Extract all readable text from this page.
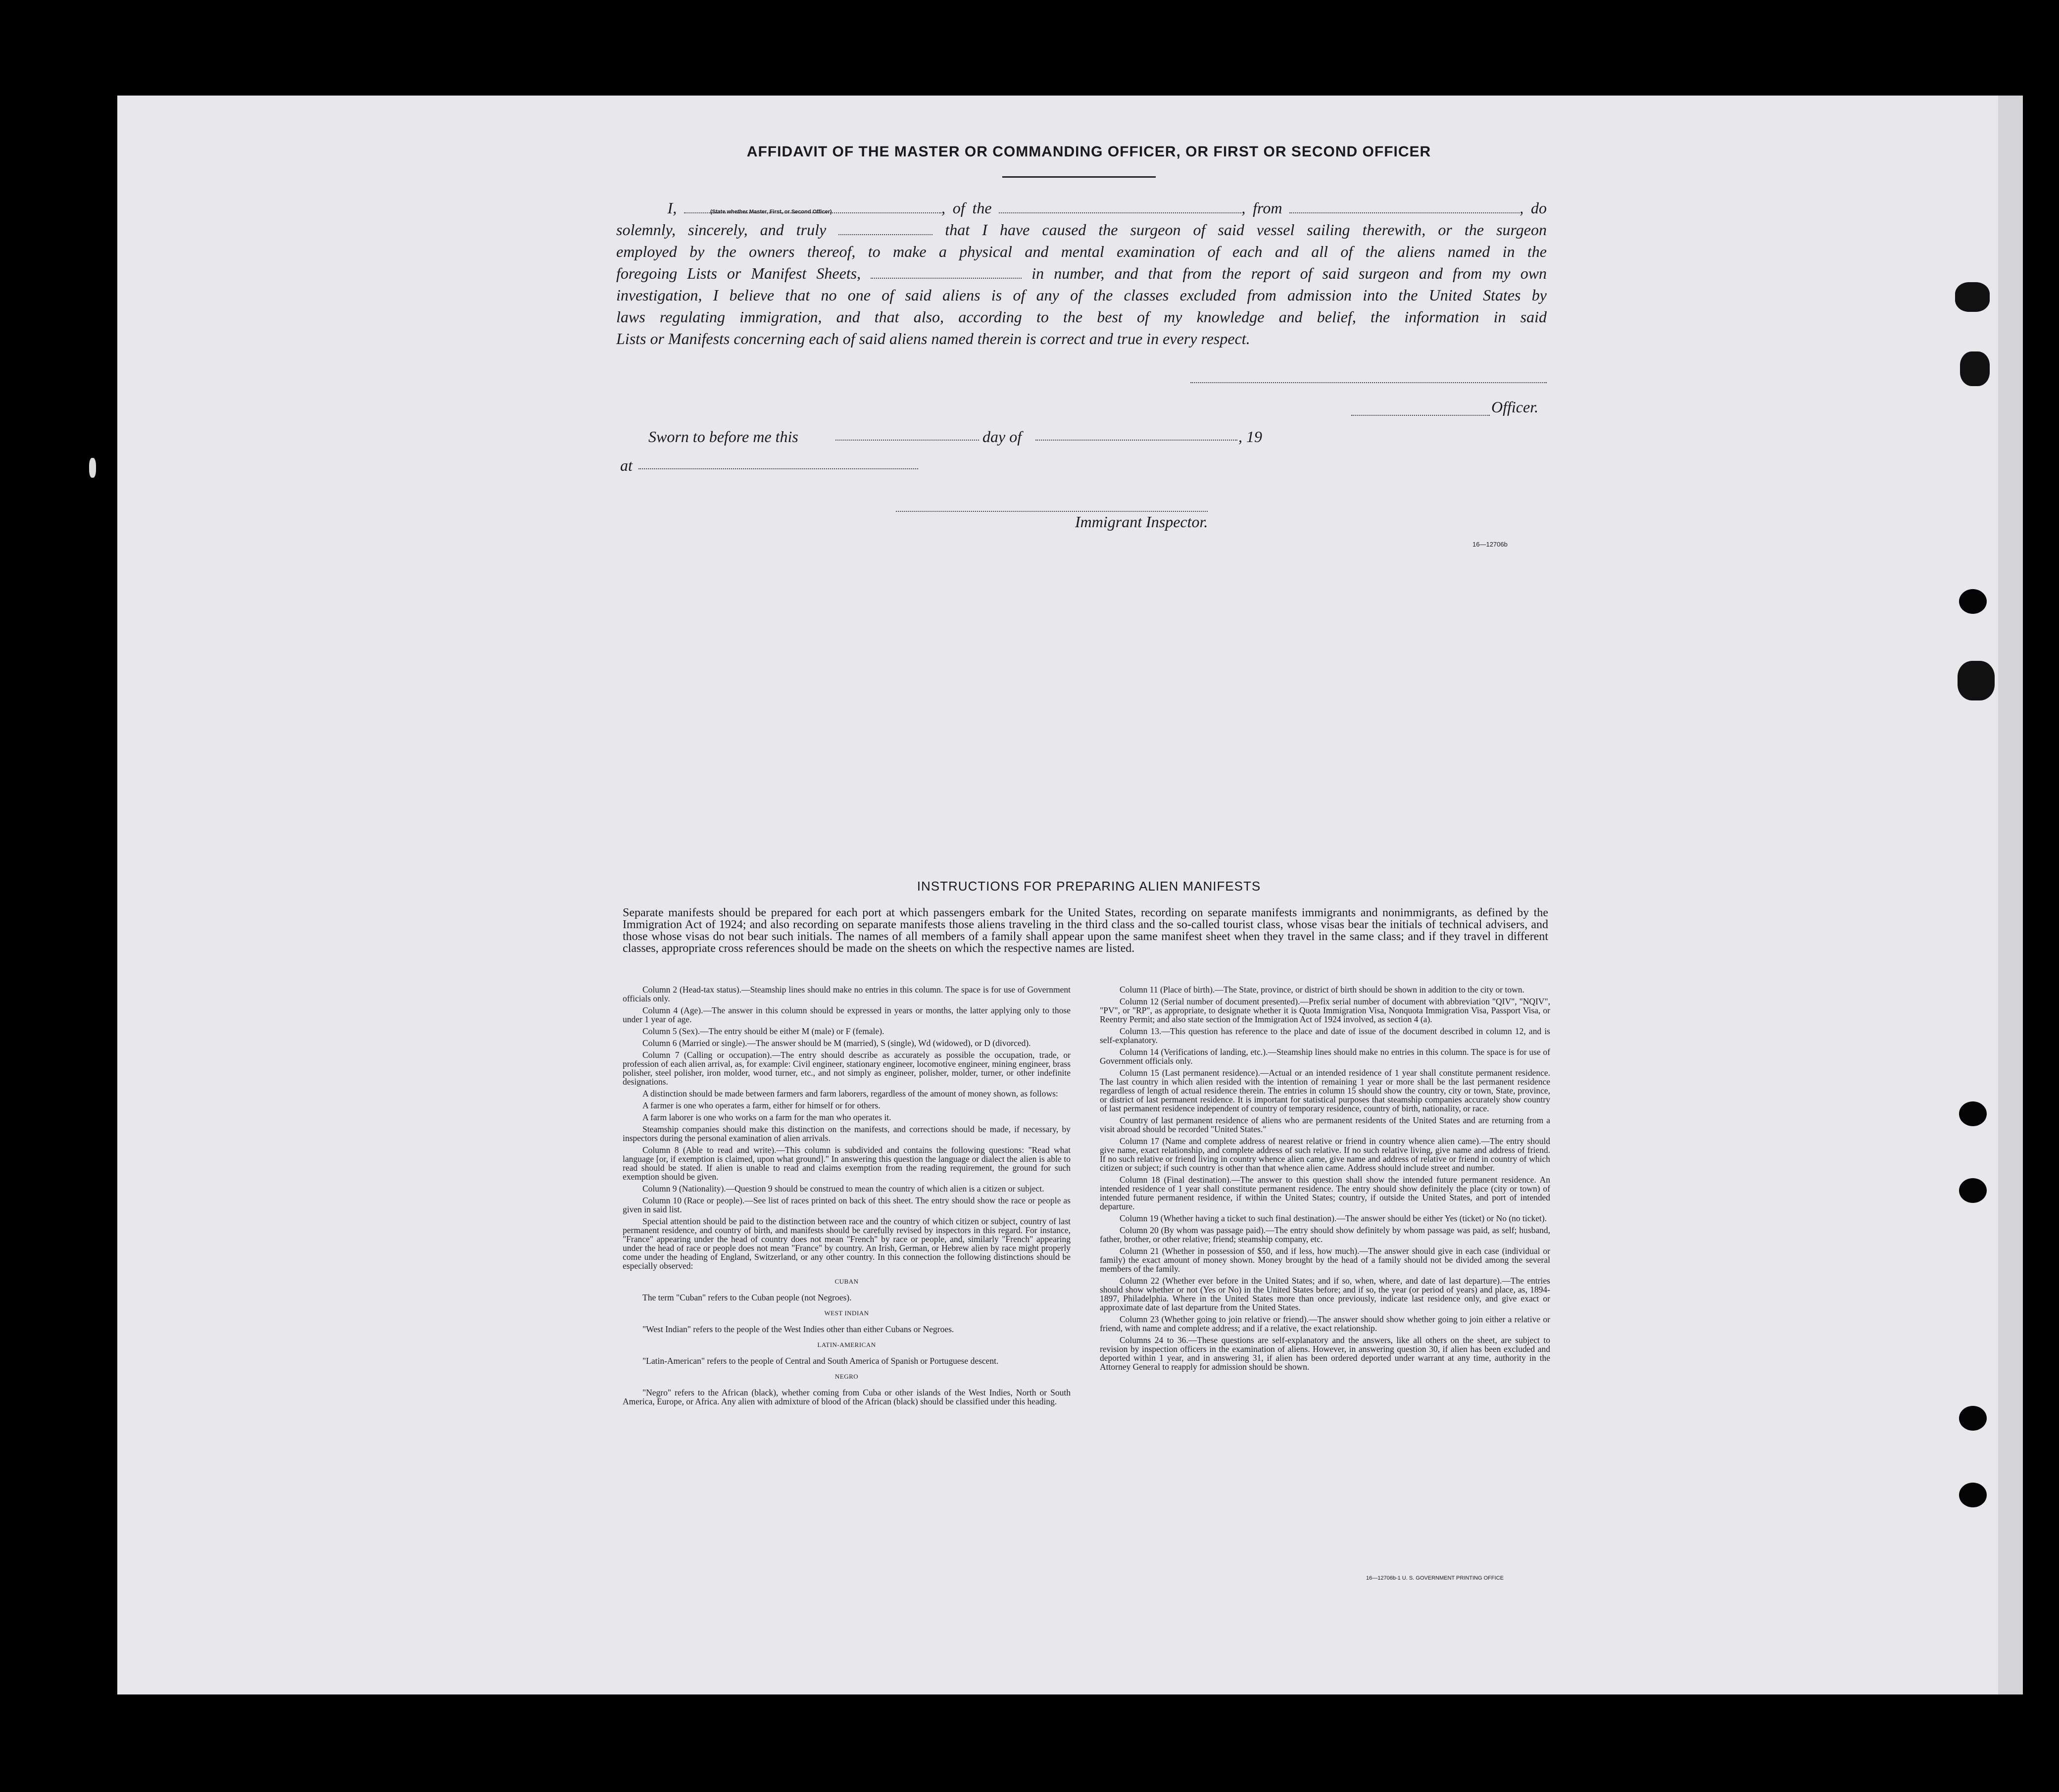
AFFIDAVIT OF THE MASTER OR COMMANDING OFFICER, OR FIRST OR SECOND OFFICER
I,	, of the	, from	, do
(State whether Master, First, or Second Officer)
solemnly, sincerely, and truly	that I have caused the surgeon of said vessel sailing therewith, or the surgeon
employed by the owners thereof, to make a physical and mental examination of each and all of the aliens named in the
foregoing Lists or Manifest Sheets,	in number, and that from the report of said surgeon and from my own
investigation, I believe that no one of said aliens is of any of the classes excluded from admission into the United States by
laws regulating immigration, and that also, according to the best of my knowledge and belief, the information in said
Lists or Manifests concerning each of said aliens named therein is correct and true in every respect.
Officer.
Sworn to before me this	day of	, 19
at
Immigrant Inspector.
16—12706b
INSTRUCTIONS FOR PREPARING ALIEN MANIFESTS
Separate manifests should be prepared for each port at which passengers embark for the United States, recording on separate manifests immigrants and nonimmigrants, as defined by the Immigration Act of 1924; and also recording on separate manifests those aliens traveling in the third class and the so-called tourist class, whose visas bear the initials of technical advisers, and those whose visas do not bear such initials. The names of all members of a family shall appear upon the same manifest sheet when they travel in the same class; and if they travel in different classes, appropriate cross references should be made on the sheets on which the respective names are listed.

Column 2 (Head-tax status).—Steamship lines should make no entries in this column. The space is for use of Government officials only.

Column 4 (Age).—The answer in this column should be expressed in years or months, the latter applying only to those under 1 year of age.

Column 5 (Sex).—The entry should be either M (male) or F (female).

Column 6 (Married or single).—The answer should be M (married), S (single), Wd (widowed), or D (divorced).

Column 7 (Calling or occupation).—The entry should describe as accurately as possible the occupation, trade, or profession of each alien arrival, as, for example: Civil engineer, stationary engineer, locomotive engineer, mining engineer, brass polisher, steel polisher, iron molder, wood turner, etc., and not simply as engineer, polisher, molder, turner, or other indefinite designations.

A distinction should be made between farmers and farm laborers, regardless of the amount of money shown, as follows:

A farmer is one who operates a farm, either for himself or for others.

A farm laborer is one who works on a farm for the man who operates it.

Steamship companies should make this distinction on the manifests, and corrections should be made, if necessary, by inspectors during the personal examination of alien arrivals.

Column 8 (Able to read and write).—This column is subdivided and contains the following questions: "Read what language [or, if exemption is claimed, upon what ground]." In answering this question the language or dialect the alien is able to read should be stated. If alien is unable to read and claims exemption from the reading requirement, the ground for such exemption should be given.

Column 9 (Nationality).—Question 9 should be construed to mean the country of which alien is a citizen or subject.

Column 10 (Race or people).—See list of races printed on back of this sheet. The entry should show the race or people as given in said list.

Special attention should be paid to the distinction between race and the country of which citizen or subject, country of last permanent residence, and country of birth, and manifests should be carefully revised by inspectors in this regard. For instance, "France" appearing under the head of country does not mean "French" by race or people, and, similarly "French" appearing under the head of race or people does not mean "France" by country. An Irish, German, or Hebrew alien by race might properly come under the heading of England, Switzerland, or any other country. In this connection the following distinctions should be especially observed:

CUBAN

The term "Cuban" refers to the Cuban people (not Negroes).

WEST INDIAN

"West Indian" refers to the people of the West Indies other than either Cubans or Negroes.

LATIN-AMERICAN

"Latin-American" refers to the people of Central and South America of Spanish or Portuguese descent.

NEGRO

"Negro" refers to the African (black), whether coming from Cuba or other islands of the West Indies, North or South America, Europe, or Africa. Any alien with admixture of blood of the African (black) should be classified under this heading.

Column 11 (Place of birth).—The State, province, or district of birth should be shown in addition to the city or town.

Column 12 (Serial number of document presented).—Prefix serial number of document with abbreviation "QIV", "NQIV", "PV", or "RP", as appropriate, to designate whether it is Quota Immigration Visa, Nonquota Immigration Visa, Passport Visa, or Reentry Permit; and also state section of the Immigration Act of 1924 involved, as section 4 (a).

Column 13.—This question has reference to the place and date of issue of the document described in column 12, and is self-explanatory.

Column 14 (Verifications of landing, etc.).—Steamship lines should make no entries in this column. The space is for use of Government officials only.

Column 15 (Last permanent residence).—Actual or an intended residence of 1 year shall constitute permanent residence. The last country in which alien resided with the intention of remaining 1 year or more shall be the last permanent residence regardless of length of actual residence therein. The entries in column 15 should show the country, city or town, State, province, or district of last permanent residence. It is important for statistical purposes that steamship companies accurately show country of last permanent residence independent of country of temporary residence, country of birth, nationality, or race.

Country of last permanent residence of aliens who are permanent residents of the United States and are returning from a visit abroad should be recorded "United States."

Column 17 (Name and complete address of nearest relative or friend in country whence alien came).—The entry should give name, exact relationship, and complete address of such relative. If no such relative living, give name and address of friend. If no such relative or friend living in country whence alien came, give name and address of relative or friend in country of which citizen or subject; if such country is other than that whence alien came. Address should include street and number.

Column 18 (Final destination).—The answer to this question shall show the intended future permanent residence. An intended residence of 1 year shall constitute permanent residence. The entry should show definitely the place (city or town) of intended future permanent residence, if within the United States; country, if outside the United States, and port of intended departure.

Column 19 (Whether having a ticket to such final destination).—The answer should be either Yes (ticket) or No (no ticket).

Column 20 (By whom was passage paid).—The entry should show definitely by whom passage was paid, as self; husband, father, brother, or other relative; friend; steamship company, etc.

Column 21 (Whether in possession of $50, and if less, how much).—The answer should give in each case (individual or family) the exact amount of money shown. Money brought by the head of a family should not be divided among the several members of the family.

Column 22 (Whether ever before in the United States; and if so, when, where, and date of last departure).—The entries should show whether or not (Yes or No) in the United States before; and if so, the year (or period of years) and place, as, 1894-1897, Philadelphia. Where in the United States more than once previously, indicate last residence only, and give exact or approximate date of last departure from the United States.

Column 23 (Whether going to join relative or friend).—The answer should show whether going to join either a relative or friend, with name and complete address; and if a relative, the exact relationship.

Columns 24 to 36.—These questions are self-explanatory and the answers, like all others on the sheet, are subject to revision by inspection officers in the examination of aliens. However, in answering question 30, if alien has been excluded and deported within 1 year, and in answering 31, if alien has been ordered deported under warrant at any time, authority in the Attorney General to reapply for admission should be shown.

16—12706b-1 U. S. GOVERNMENT PRINTING OFFICE
